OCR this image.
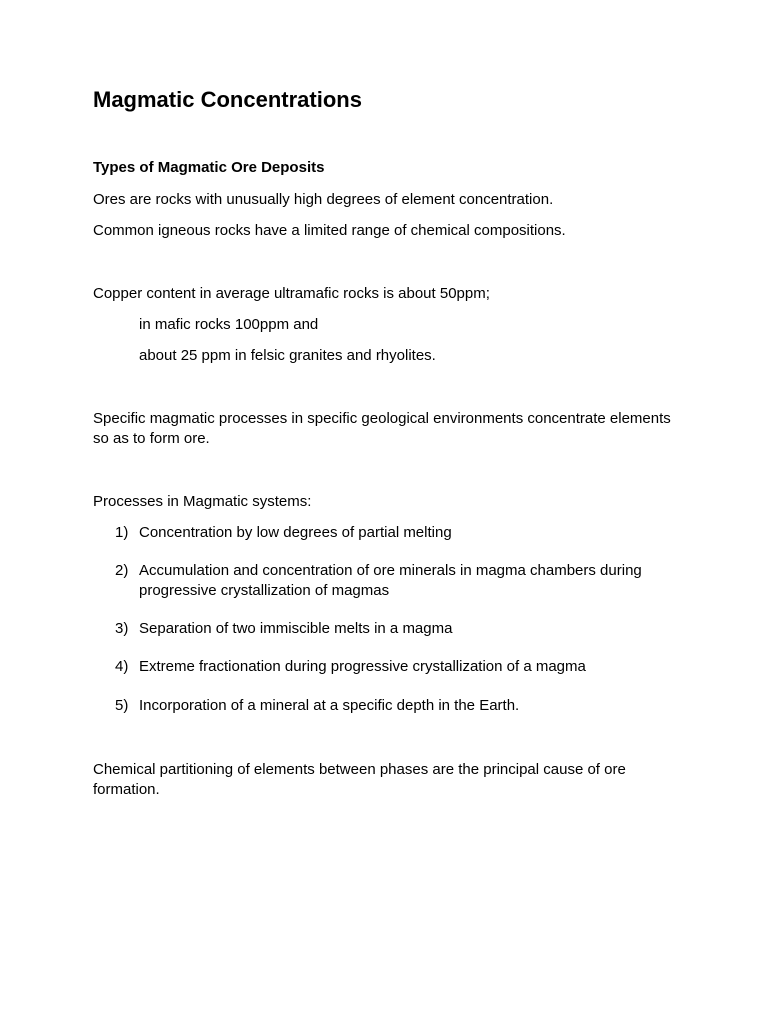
Magmatic Concentrations
Types of Magmatic Ore Deposits

Ores are rocks with unusually high degrees of element concentration.

Common igneous rocks have a limited range of chemical compositions.

Copper content in average ultramafic rocks is about 50ppm;

in mafic rocks 100ppm and

about 25 ppm in felsic granites and rhyolites.

Specific magmatic processes in specific geological environments concentrate elements so as to form ore.

Processes in Magmatic systems:

1) Concentration by low degrees of partial melting

2) Accumulation and concentration of ore minerals in magma chambers during progressive crystallization of magmas

3) Separation of two immiscible melts in a magma

4) Extreme fractionation during progressive crystallization of a magma

5) Incorporation of a mineral at a specific depth in the Earth.

Chemical partitioning of elements between phases are the principal cause of ore formation.
